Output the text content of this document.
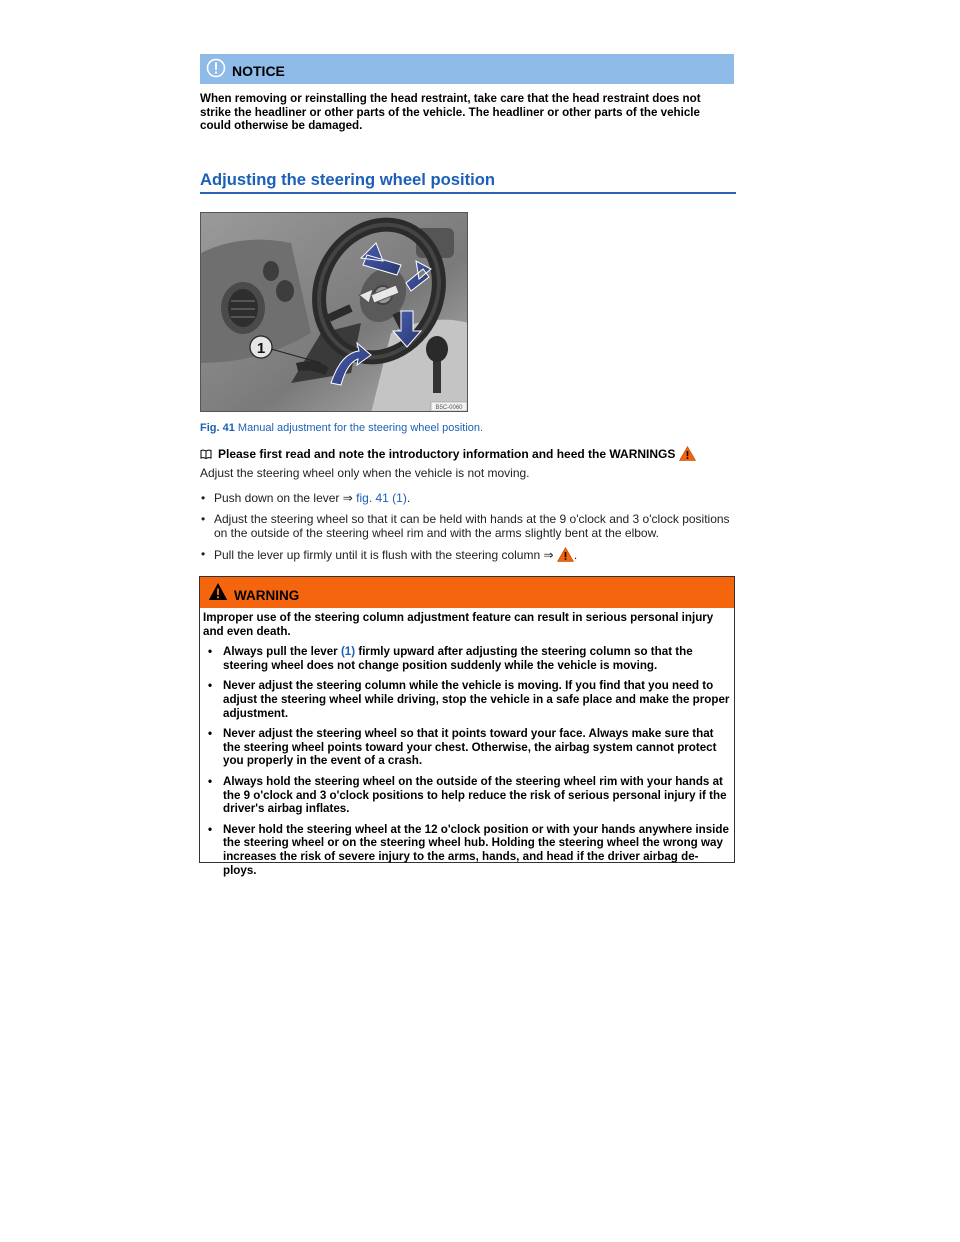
NOTICE
When removing or reinstalling the head restraint, take care that the head restraint does not strike the headliner or other parts of the vehicle. The headliner or other parts of the vehicle could otherwise be damaged.
Adjusting the steering wheel position
1
B5C-0060
Fig. 41 Manual adjustment for the steering wheel position.
Please first read and note the introductory information and heed the WARNINGS
Adjust the steering wheel only when the vehicle is not moving.
• Push down on the lever ⇒ fig. 41 (1).
• Adjust the steering wheel so that it can be held with hands at the 9 o'clock and 3 o'clock positions on the outside of the steering wheel rim and with the arms slightly bent at the elbow.
• Pull the lever up firmly until it is flush with the steering column ⇒ .
WARNING

Improper use of the steering column adjustment feature can result in serious personal injury and even death.

• Always pull the lever (1) firmly upward after adjusting the steering column so that the steering wheel does not change position suddenly while the vehicle is moving.
• Never adjust the steering column while the vehicle is moving. If you find that you need to adjust the steering wheel while driving, stop the vehicle in a safe place and make the proper adjustment.
• Never adjust the steering wheel so that it points toward your face. Always make sure that the steering wheel points toward your chest. Otherwise, the airbag system cannot protect you properly in the event of a crash.
• Always hold the steering wheel on the outside of the steering wheel rim with your hands at the 9 o'clock and 3 o'clock positions to help reduce the risk of serious personal injury if the driver's airbag inflates.
• Never hold the steering wheel at the 12 o'clock position or with your hands anywhere inside the steering wheel or on the steering wheel hub. Holding the steering wheel the wrong way increases the risk of severe injury to the arms, hands, and head if the driver airbag de-ploys.
